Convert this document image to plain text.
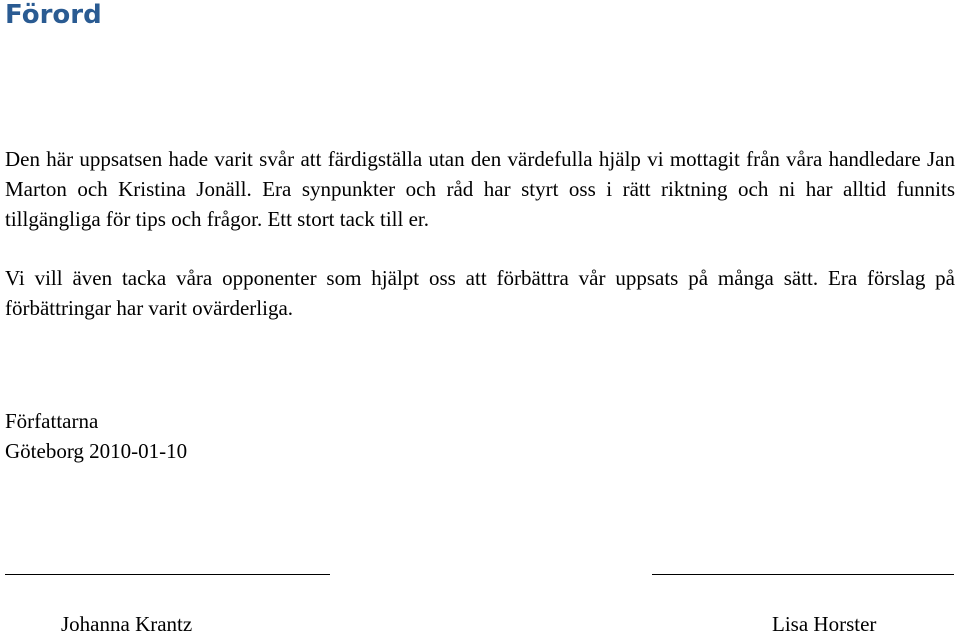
Förord

Den här uppsatsen hade varit svår att färdigställa utan den värdefulla hjälp vi mottagit från våra handledare Jan Marton och Kristina Jonäll. Era synpunkter och råd har styrt oss i rätt riktning och ni har alltid funnits tillgängliga för tips och frågor. Ett stort tack till er.

Vi vill även tacka våra opponenter som hjälpt oss att förbättra vår uppsats på många sätt. Era förslag på förbättringar har varit ovärderliga.

Författarna
Göteborg 2010-01-10
Johanna Krantz	Lisa Horster
